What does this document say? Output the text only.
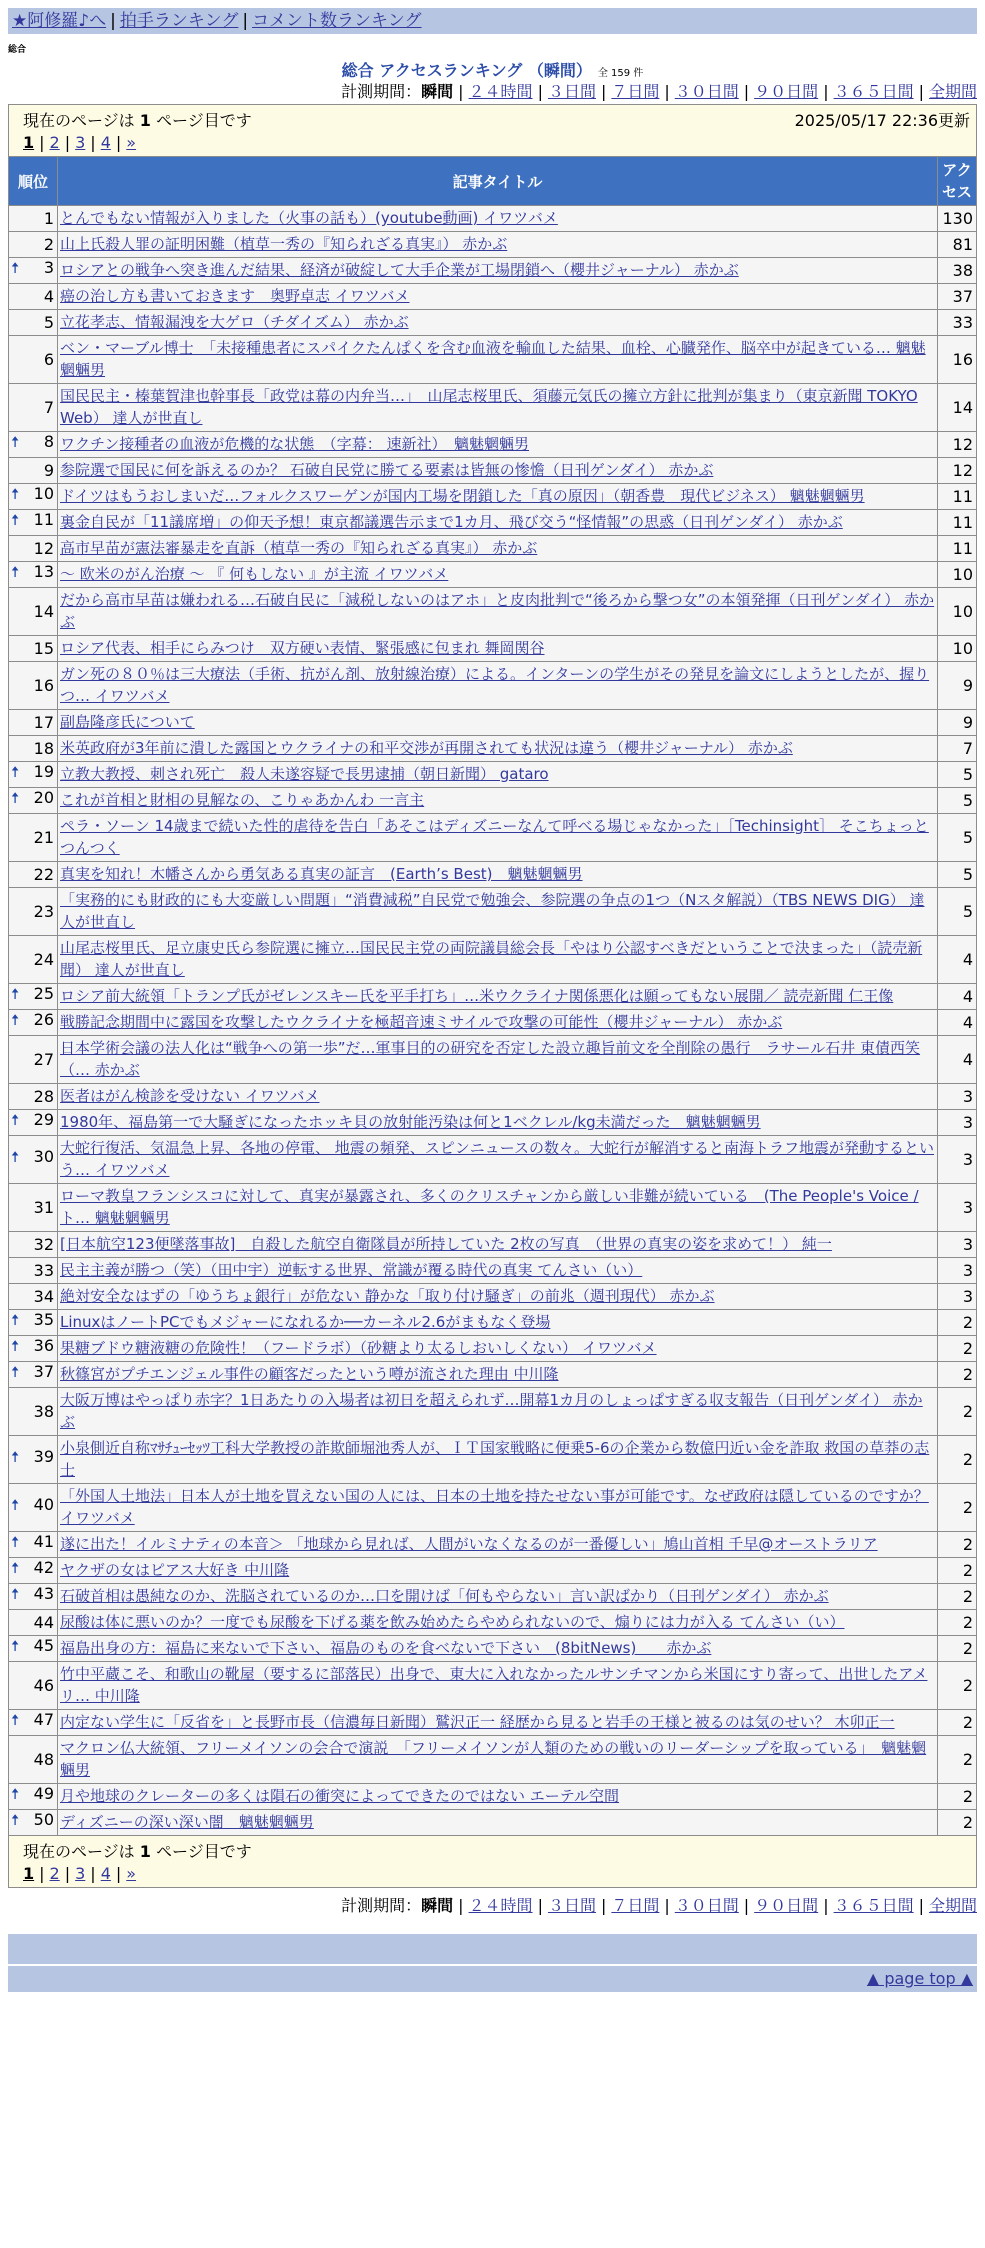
★阿修羅♪へ | 拍手ランキング | コメント数ランキング
総合
総合 アクセスランキング （瞬間） 全 159 件
計測期間：瞬間 | ２４時間 | ３日間 | ７日間 | ３０日間 | ９０日間 | ３６５日間 | 全期間
2025/05/17 22:36更新
現在のページは 1 ページ目です
1 | 2 | 3 | 4 | »		

順位	記事タイトル	アクセス
1	とんでもない情報が入りました（火事の話も）(youtube動画) イワツバメ	130
2	山上氏殺人罪の証明困難（植草一秀の『知られざる真実』） 赤かぶ	81

🠅 3	ロシアとの戦争へ突き進んだ結果、経済が破綻して大手企業が工場閉鎖へ（櫻井ジャーナル） 赤かぶ	38
4	癌の治し方も書いておきます　奥野卓志 イワツバメ	37
5	立花孝志、情報漏洩を大ゲロ（チダイズム） 赤かぶ	33
6	ベン・マーブル博士　「未接種患者にスパイクたんぱくを含む血液を輸血した結果、血栓、心臓発作、脳卒中が起きている… 魑魅魍魎男	16
7	国民民主・榛葉賀津也幹事長「政党は幕の内弁当…」　山尾志桜里氏、須藤元気氏の擁立方針に批判が集まり（東京新聞 TOKYO Web） 達人が世直し	14

🠅 8	ワクチン接種者の血液が危機的な状態　（字幕： 速新社）　魑魅魍魎男	12
9	参院選で国民に何を訴えるのか？ 石破自民党に勝てる要素は皆無の惨憺（日刊ゲンダイ） 赤かぶ	12

🠅 10	ドイツはもうおしまいだ…フォルクスワーゲンが国内工場を閉鎖した「真の原因」（朝香豊　現代ビジネス） 魑魅魍魎男	11

🠅 11	裏金自民が「11議席増」の仰天予想！東京都議選告示まで1カ月、飛び交う“怪情報”の思惑（日刊ゲンダイ） 赤かぶ	11
12	高市早苗が憲法審暴走を直訴（植草一秀の『知られざる真実』） 赤かぶ	11

🠅 13	～ 欧米のがん治療 ～ 『 何もしない 』が主流 イワツバメ	10
14	だから高市早苗は嫌われる…石破自民に「減税しないのはアホ」と皮肉批判で“後ろから撃つ女”の本領発揮（日刊ゲンダイ） 赤かぶ	10
15	ロシア代表、相手にらみつけ　双方硬い表情、緊張感に包まれ 舞岡関谷	10
16	ガン死の８０％は三大療法（手術、抗がん剤、放射線治療）による。インターンの学生がその発見を論文にしようとしたが、握りつ… イワツバメ	9
17	副島隆彦氏について	9
18	米英政府が3年前に潰した露国とウクライナの和平交渉が再開されても状況は違う（櫻井ジャーナル） 赤かぶ	7

🠅 19	立教大教授、刺され死亡　殺人未遂容疑で長男逮捕（朝日新聞） gataro	5

🠅 20	これが首相と財相の見解なの、こりゃあかんわ 一言主	5
21	ペラ・ソーン 14歳まで続いた性的虐待を告白「あそこはディズニーなんて呼べる場じゃなかった」［Techinsight］ そこちょっとつんつく	5
22	真実を知れ！木幡さんから勇気ある真実の証言　(Earth’s Best)　魑魅魍魎男	5
23	「実務的にも財政的にも大変厳しい問題」“消費減税”自民党で勉強会、参院選の争点の1つ（Nスタ解説）（TBS NEWS DIG） 達人が世直し	5
24	山尾志桜里氏、足立康史氏ら参院選に擁立…国民民主党の両院議員総会長「やはり公認すべきだということで決まった」（読売新聞） 達人が世直し	4

🠅 25	ロシア前大統領「トランプ氏がゼレンスキー氏を平手打ち」…米ウクライナ関係悪化は願ってもない展開／ 読売新聞 仁王像	4

🠅 26	戦勝記念期間中に露国を攻撃したウクライナを極超音速ミサイルで攻撃の可能性（櫻井ジャーナル） 赤かぶ	4
27	日本学術会議の法人化は“戦争への第一歩”だ…軍事目的の研究を否定した設立趣旨前文を全削除の愚行　ラサール石井 東債西笑（… 赤かぶ	4
28	医者はがん検診を受けない イワツバメ	3

🠅 29	1980年、福島第一で大騒ぎになったホッキ貝の放射能汚染は何と1ベクレル/kg未満だった　魑魅魍魎男	3

🠅 30	大蛇行復活、気温急上昇、各地の停電、 地震の頻発、スピンニュースの数々。大蛇行が解消すると南海トラフ地震が発動するという… イワツバメ	3
31	ローマ教皇フランシスコに対して、真実が暴露され、多くのクリスチャンから厳しい非難が続いている　(The People's Voice / ト… 魑魅魍魎男	3
32	[日本航空123便墜落事故]　自殺した航空自衛隊員が所持していた 2枚の写真　（世界の真実の姿を求めて！） 純一	3
33	民主主義が勝つ（笑）（田中宇）逆転する世界、常識が覆る時代の真実 てんさい（い）	3
34	絶対安全なはずの「ゆうちょ銀行」が危ない 静かな「取り付け騒ぎ」の前兆（週刊現代） 赤かぶ	3

🠅 35	LinuxはノートPCでもメジャーになれるか──カーネル2.6がまもなく登場	2

🠅 36	果糖ブドウ糖液糖の危険性！（フードラボ）（砂糖より太るしおいしくない） イワツバメ	2

🠅 37	秋篠宮がプチエンジェル事件の顧客だったという噂が流された理由 中川隆	2
38	大阪万博はやっぱり赤字？1日あたりの入場者は初日を超えられず…開幕1カ月のしょっぱすぎる収支報告（日刊ゲンダイ） 赤かぶ	2

🠅 39	小泉側近自称ﾏｻﾁｭｰｾｯﾂ工科大学教授の詐欺師堀池秀人が、ＩＴ国家戦略に便乗5-6の企業から数億円近い金を詐取 救国の草莽の志士	2

🠅 40	「外国人土地法」日本人が土地を買えない国の人には、日本の土地を持たせない事が可能です。なぜ政府は隠しているのですか？ イワツバメ	2

🠅 41	遂に出た！イルミナティの本音＞ 「地球から見れば、人間がいなくなるのが一番優しい」鳩山首相 千早@オーストラリア	2

🠅 42	ヤクザの女はピアス大好き 中川隆	2

🠅 43	石破首相は愚純なのか、洗脳されているのか…口を開けば「何もやらない」言い訳ばかり（日刊ゲンダイ） 赤かぶ	2
44	尿酸は体に悪いのか？一度でも尿酸を下げる薬を飲み始めたらやめられないので、煽りには力が入る てんさい（い）	2

🠅 45	福島出身の方：福島に来ないで下さい、福島のものを食べないで下さい　(8bitNews)　　赤かぶ	2
46	竹中平蔵こそ、和歌山の靴屋（要するに部落民）出身で、東大に入れなかったルサンチマンから米国にすり寄って、出世したアメリ… 中川隆	2

🠅 47	内定ない学生に「反省を」と長野市長（信濃毎日新聞）鷲沢正一 経歴から見ると岩手の王様と被るのは気のせい？ 木卯正一	2
48	マクロン仏大統領、フリーメイソンの会合で演説　「フリーメイソンが人類のための戦いのリーダーシップを取っている」　魑魅魍魎男	2

🠅 49	月や地球のクレーターの多くは隕石の衝突によってできたのではない エーテル空間	2

🠅 50	ディズニーの深い深い闇　魑魅魍魎男	2

現在のページは 1 ページ目です
1 | 2 | 3 | 4 | »		
計測期間：瞬間 | ２４時間 | ３日間 | ７日間 | ３０日間 | ９０日間 | ３６５日間 | 全期間
▲ page top ▲
